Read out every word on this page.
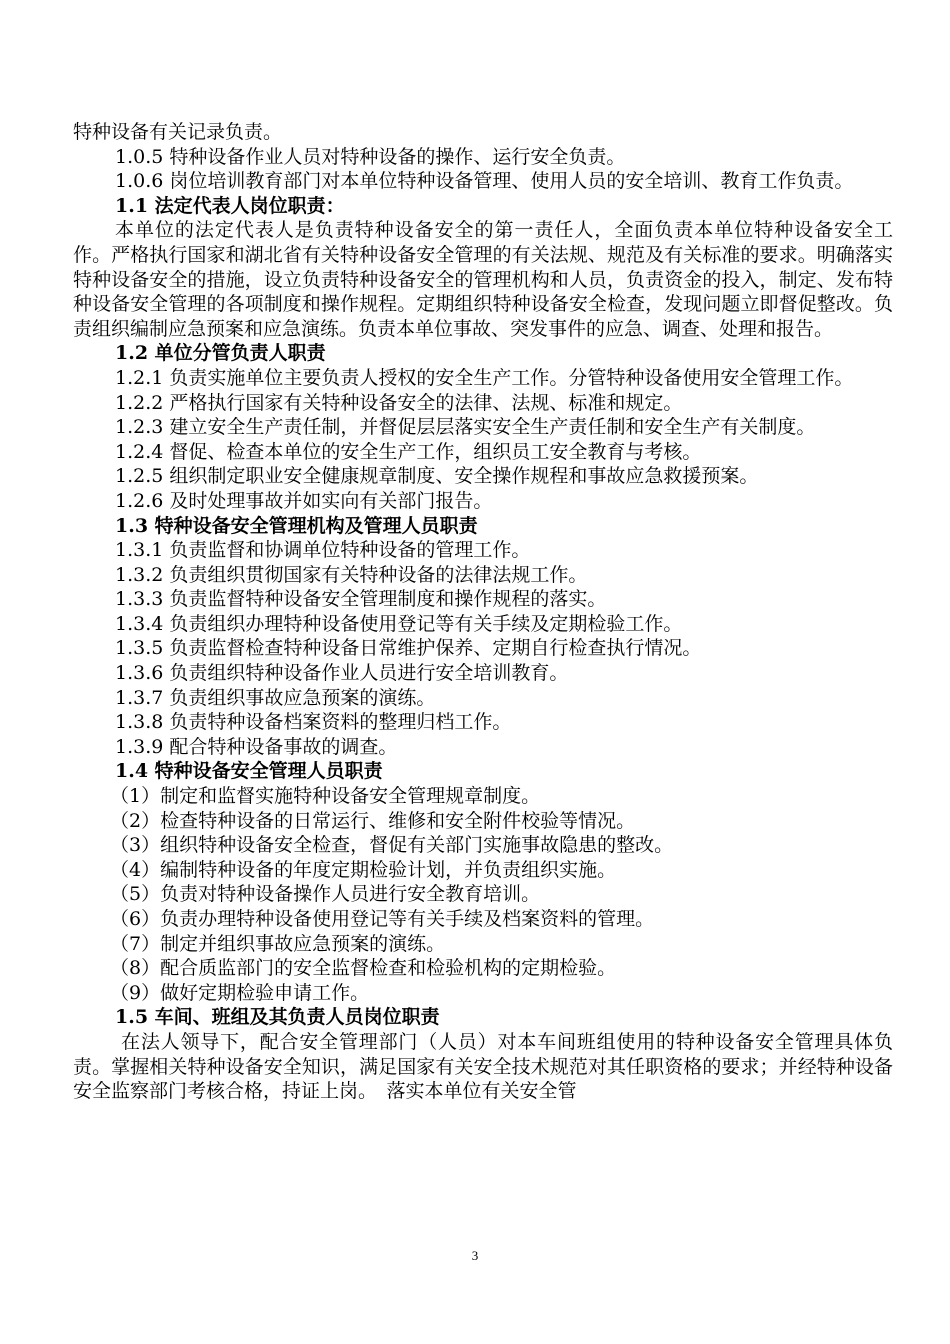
特种设备有关记录负责。

1.0.5 特种设备作业人员对特种设备的操作、运行安全负责。

1.0.6 岗位培训教育部门对本单位特种设备管理、使用人员的安全培训、教育工作负责。

1.1 法定代表人岗位职责：

本单位的法定代表人是负责特种设备安全的第一责任人，全面负责本单位特种设备安全工作。严格执行国家和湖北省有关特种设备安全管理的有关法规、规范及有关标准的要求。明确落实特种设备安全的措施，设立负责特种设备安全的管理机构和人员，负责资金的投入，制定、发布特种设备安全管理的各项制度和操作规程。定期组织特种设备安全检查，发现问题立即督促整改。负责组织编制应急预案和应急演练。负责本单位事故、突发事件的应急、调查、处理和报告。

1.2 单位分管负责人职责

1.2.1 负责实施单位主要负责人授权的安全生产工作。分管特种设备使用安全管理工作。

1.2.2 严格执行国家有关特种设备安全的法律、法规、标准和规定。

1.2.3 建立安全生产责任制，并督促层层落实安全生产责任制和安全生产有关制度。

1.2.4 督促、检查本单位的安全生产工作，组织员工安全教育与考核。

1.2.5 组织制定职业安全健康规章制度、安全操作规程和事故应急救援预案。

1.2.6 及时处理事故并如实向有关部门报告。

1.3 特种设备安全管理机构及管理人员职责

1.3.1 负责监督和协调单位特种设备的管理工作。

1.3.2 负责组织贯彻国家有关特种设备的法律法规工作。

1.3.3 负责监督特种设备安全管理制度和操作规程的落实。

1.3.4 负责组织办理特种设备使用登记等有关手续及定期检验工作。

1.3.5 负责监督检查特种设备日常维护保养、定期自行检查执行情况。

1.3.6 负责组织特种设备作业人员进行安全培训教育。

1.3.7 负责组织事故应急预案的演练。

1.3.8 负责特种设备档案资料的整理归档工作。

1.3.9 配合特种设备事故的调查。

1.4 特种设备安全管理人员职责

（1）制定和监督实施特种设备安全管理规章制度。

（2）检查特种设备的日常运行、维修和安全附件校验等情况。

（3）组织特种设备安全检查，督促有关部门实施事故隐患的整改。

（4）编制特种设备的年度定期检验计划，并负责组织实施。

（5）负责对特种设备操作人员进行安全教育培训。

（6）负责办理特种设备使用登记等有关手续及档案资料的管理。

（7）制定并组织事故应急预案的演练。

（8）配合质监部门的安全监督检查和检验机构的定期检验。

（9）做好定期检验申请工作。

1.5 车间、班组及其负责人员岗位职责

在法人领导下，配合安全管理部门（人员）对本车间班组使用的特种设备安全管理具体负责。掌握相关特种设备安全知识，满足国家有关安全技术规范对其任职资格的要求；并经特种设备安全监察部门考核合格，持证上岗。　落实本单位有关安全管

3
